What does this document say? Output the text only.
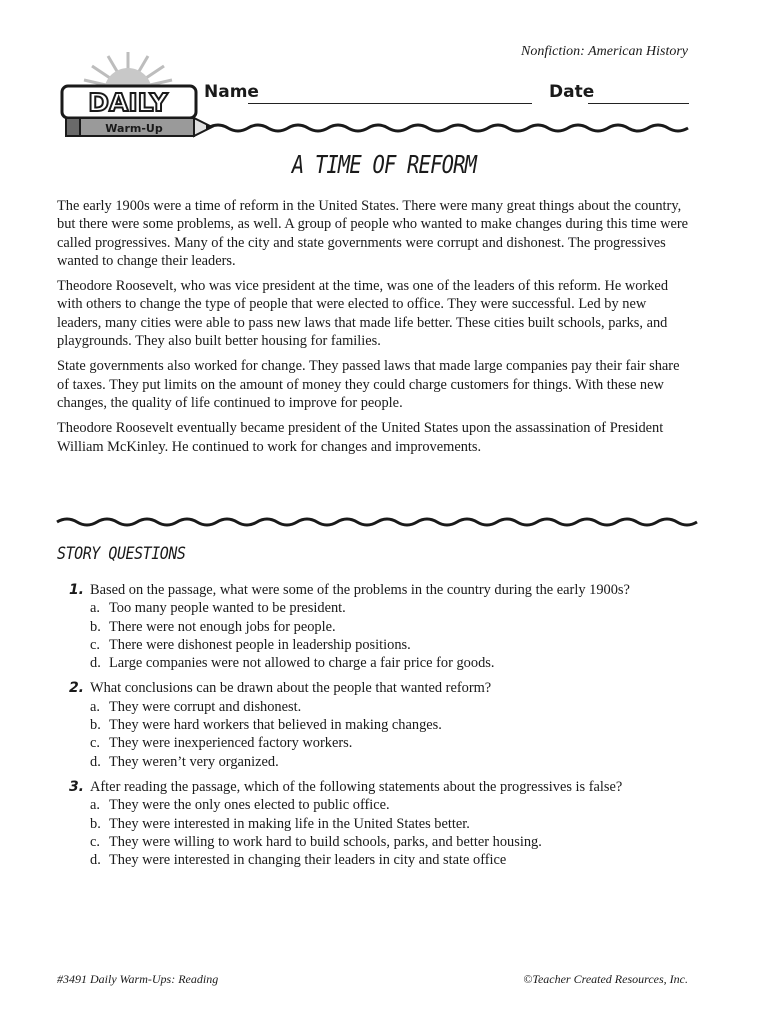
Nonfiction: American History
DAILY
Warm-Up
Name	Date
A TIME OF REFORM

The early 1900s were a time of reform in the United States. There were many great things about the country, but there were some problems, as well. A group of people who wanted to make changes during this time were called progressives. Many of the city and state governments were corrupt and dishonest. The progressives wanted to change their leaders.

Theodore Roosevelt, who was vice president at the time, was one of the leaders of this reform. He worked with others to change the type of people that were elected to office. They were successful. Led by new leaders, many cities were able to pass new laws that made life better. These cities built schools, parks, and playgrounds. They also built better housing for families.

State governments also worked for change. They passed laws that made large companies pay their fair share of taxes. They put limits on the amount of money they could charge customers for things. With these new changes, the quality of life continued to improve for people.

Theodore Roosevelt eventually became president of the United States upon the assassination of President William McKinley. He continued to work for changes and improvements.

STORY QUESTIONS
1. Based on the passage, what were some of the problems in the country during the early 1900s?
a. Too many people wanted to be president.
b. There were not enough jobs for people.
c. There were dishonest people in leadership positions.
d. Large companies were not allowed to charge a fair price for goods.
2. What conclusions can be drawn about the people that wanted reform?
a. They were corrupt and dishonest.
b. They were hard workers that believed in making changes.
c. They were inexperienced factory workers.
d. They weren’t very organized.
3. After reading the passage, which of the following statements about the progressives is false?
a. They were the only ones elected to public office.
b. They were interested in making life in the United States better.
c. They were willing to work hard to build schools, parks, and better housing.
d. They were interested in changing their leaders in city and state office
#3491 Daily Warm-Ups: Reading	©Teacher Created Resources, Inc.
